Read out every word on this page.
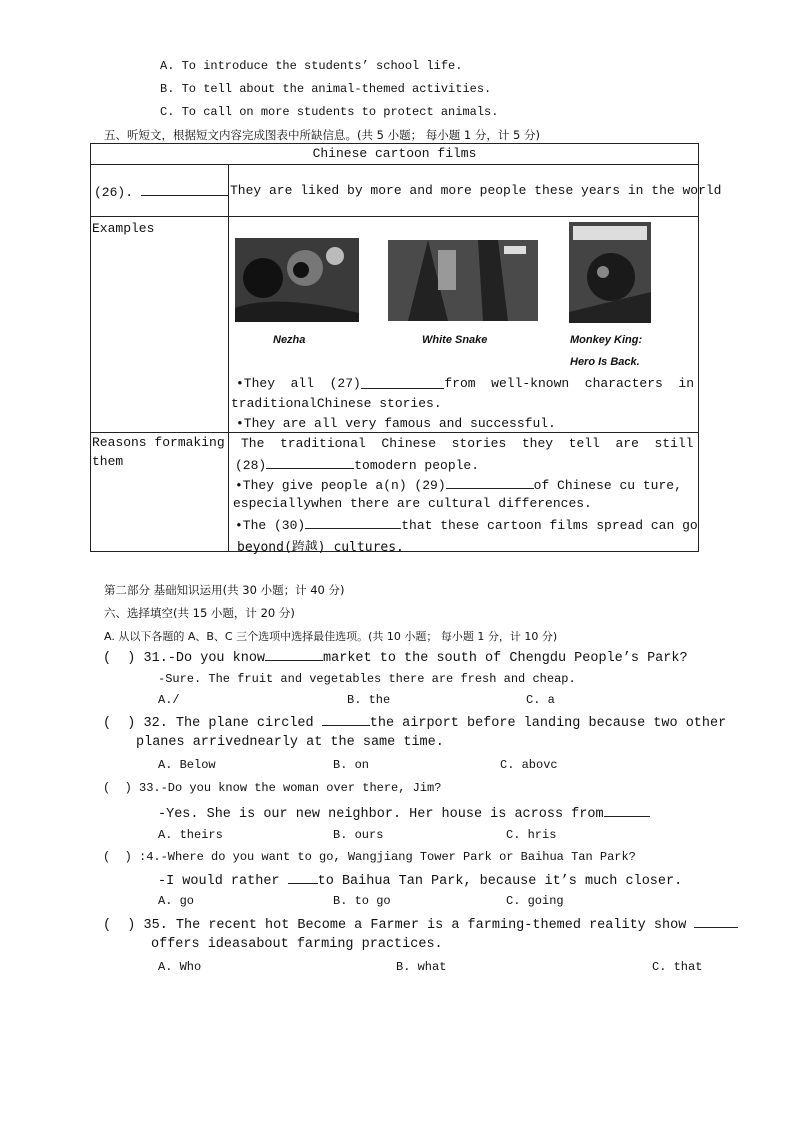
A. To introduce the students’ school life.
B. To tell about the animal-themed activities.
C. To call on more students to protect animals.
五、听短文，根据短文内容完成图表中所缺信息。(共 5 小题； 每小题 1 分，计 5 分)
Chinese cartoon films
(26).	They are liked by more and more people these years in the world
Examples
Nezha	White Snake	Monkey King:
Hero Is Back.
•They  all  (27)	from  well-known  characters  in
traditionalChinese stories.
•They are all very famous and successful.
Reasons formaking
them
The  traditional  Chinese  stories  they  tell  are  still
(28)	tomodern people.
•They give people a(n) (29)	of Chinese cu ture,
especiallywhen there are cultural differences.
•The (30)	that these cartoon films spread can go
beyond(跨越) cultures.
第二部分 基础知识运用(共 30 小题；计 40 分)
六、选择填空(共 15 小题，计 20 分)
A. 从以下各题的 A、B、C 三个选项中选择最佳选项。(共 10 小题； 每小题 1 分，计 10 分)
(  ) 31.-Do you know	market to the south of Chengdu People’s Park?
-Sure. The fruit and vegetables there are fresh and cheap.
A./	B. the	C. a
(  ) 32. The plane circled	the airport before landing because two other
planes arrivednearly at the same time.
A. Below	B. on	C. abovc
(  ) 33.-Do you know the woman over there, Jim?
-Yes. She is our new neighbor. Her house is across from
A. theirs	B. ours	C. hris
(  ) :4.-Where do you want to go, Wangjiang Tower Park or Baihua Tan Park?
-I would rather	to Baihua Tan Park, because it’s much closer.
A. go	B. to go	C. going
(  ) 35. The recent hot Become a Farmer is a farming-themed reality show
offers ideasabout farming practices.
A. Who	B. what	C. that
